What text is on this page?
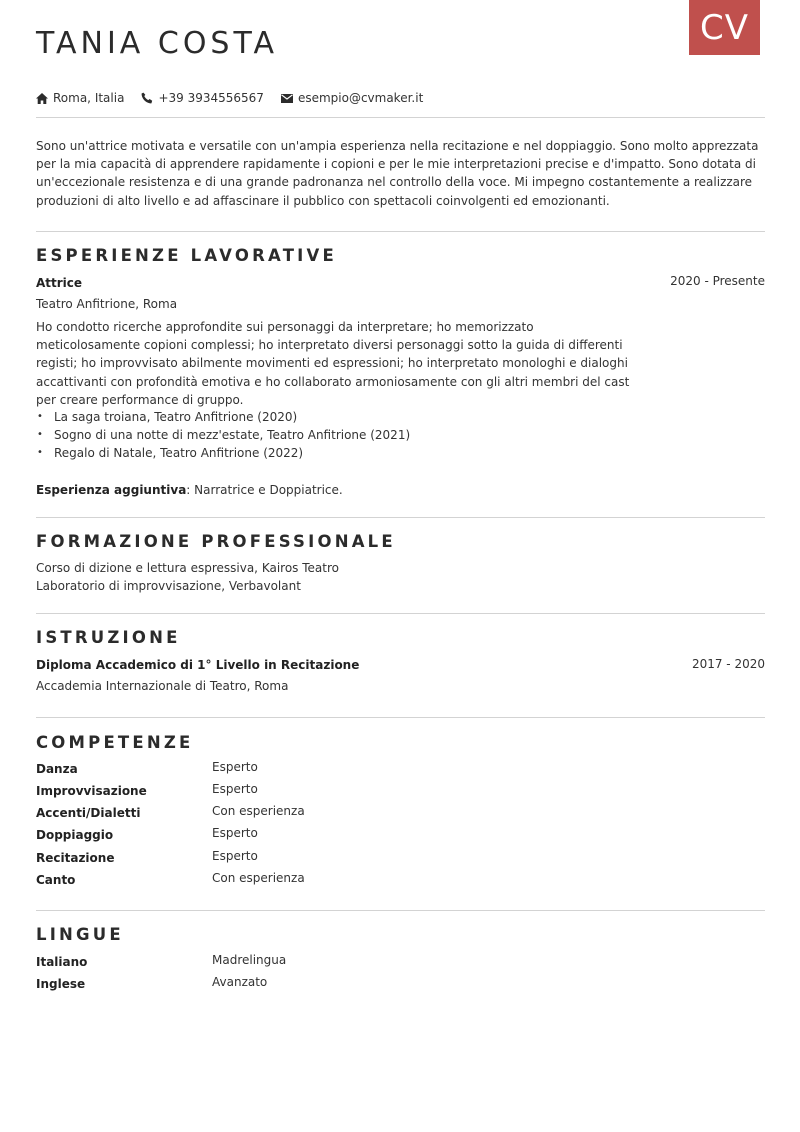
CV
TANIA COSTA
Roma, Italia	+39 3934556567	esempio@cvmaker.it

Sono un'attrice motivata e versatile con un'ampia esperienza nella recitazione e nel doppiaggio. Sono molto apprezzata per la mia capacità di apprendere rapidamente i copioni e per le mie interpretazioni precise e d'impatto. Sono dotata di un'eccezionale resistenza e di una grande padronanza nel controllo della voce. Mi impegno costantemente a realizzare produzioni di alto livello e ad affascinare il pubblico con spettacoli coinvolgenti ed emozionanti.

ESPERIENZE LAVORATIVE
Attrice	2020 - Presente
Teatro Anfitrione, Roma

Ho condotto ricerche approfondite sui personaggi da interpretare; ho memorizzato meticolosamente copioni complessi; ho interpretato diversi personaggi sotto la guida di differenti registi; ho improvvisato abilmente movimenti ed espressioni; ho interpretato monologhi e dialoghi accattivanti con profondità emotiva e ho collaborato armoniosamente con gli altri membri del cast per creare performance di gruppo.

• La saga troiana, Teatro Anfitrione (2020)
• Sogno di una notte di mezz'estate, Teatro Anfitrione (2021)
• Regalo di Natale, Teatro Anfitrione (2022)
Esperienza aggiuntiva: Narratrice e Doppiatrice.
FORMAZIONE PROFESSIONALE
Corso di dizione e lettura espressiva, Kairos Teatro
Laboratorio di improvvisazione, Verbavolant
ISTRUZIONE
Diploma Accademico di 1° Livello in Recitazione	2017 - 2020
Accademia Internazionale di Teatro, Roma
COMPETENZE
Danza	Esperto
Improvvisazione	Esperto
Accenti/Dialetti	Con esperienza
Doppiaggio	Esperto
Recitazione	Esperto
Canto	Con esperienza
LINGUE
Italiano	Madrelingua
Inglese	Avanzato
